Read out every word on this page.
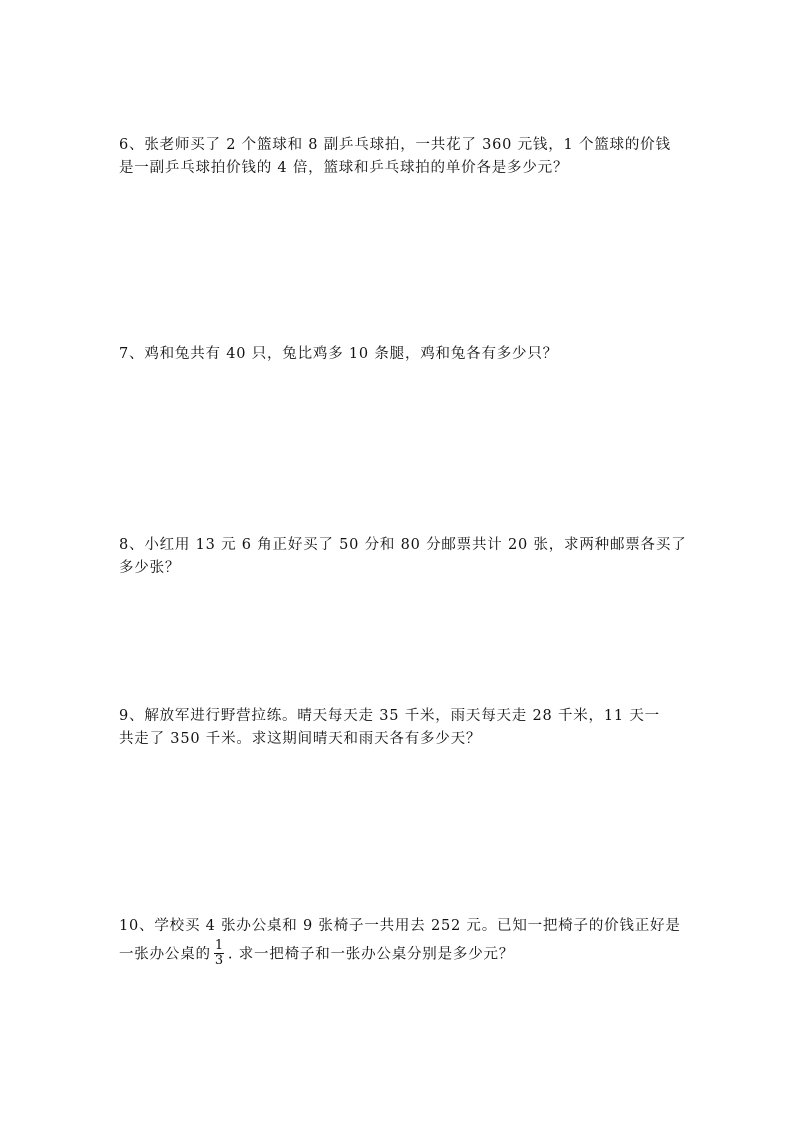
6、张老师买了 2 个篮球和 8 副乒乓球拍，一共花了 360 元钱，1 个篮球的价钱
是一副乒乓球拍价钱的 4 倍，篮球和乒乓球拍的单价各是多少元？
7、鸡和兔共有 40 只，兔比鸡多 10 条腿，鸡和兔各有多少只？
8、小红用 13 元 6 角正好买了 50 分和 80 分邮票共计 20 张，求两种邮票各买了
多少张？
9、解放军进行野营拉练。晴天每天走 35 千米，雨天每天走 28 千米，11 天一
共走了 350 千米。求这期间晴天和雨天各有多少天？
10、学校买 4 张办公桌和 9 张椅子一共用去 252 元。已知一把椅子的价钱正好是
一张办公桌的 $\frac{1}{3}$ . 求一把椅子和一张办公桌分别是多少元？
